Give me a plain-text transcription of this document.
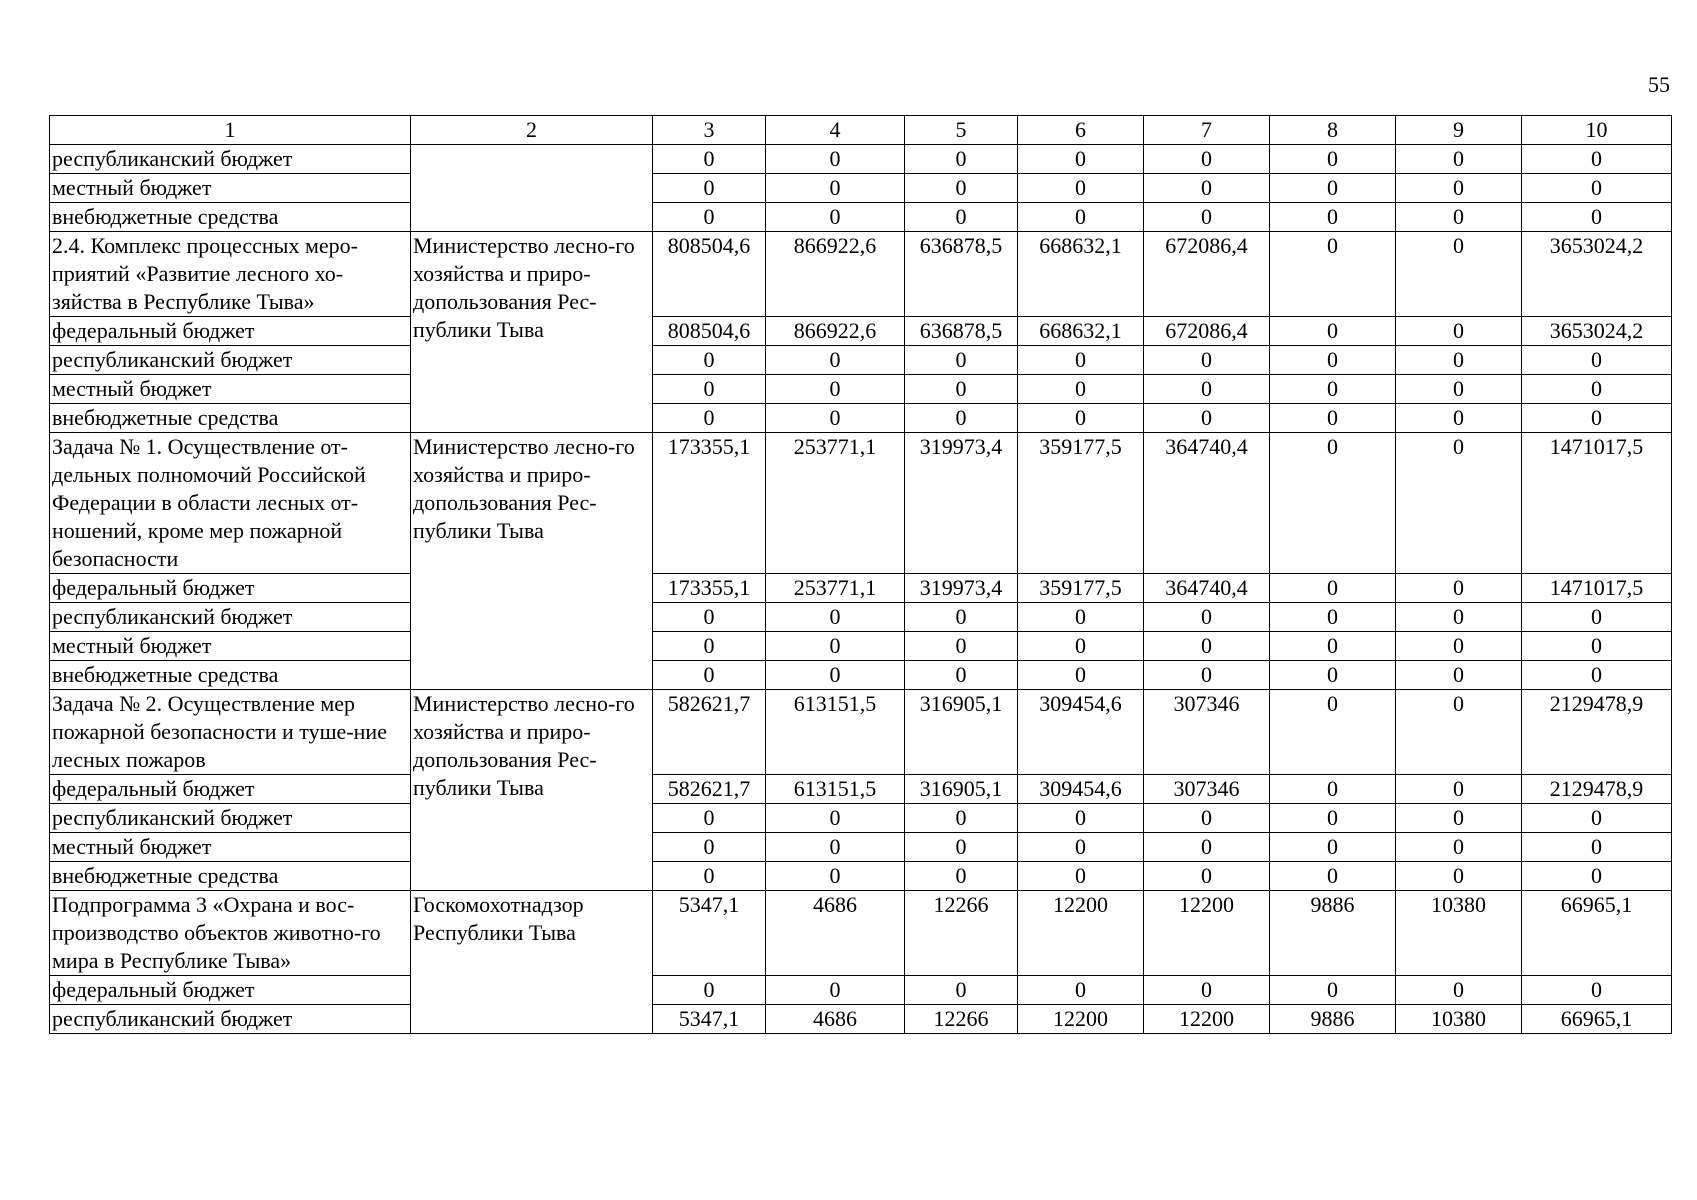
55
1	2	3	4	5	6	7	8	9	10
республиканский бюджет		0	0	0	0	0	0	0	0
местный бюджет		0	0	0	0	0	0	0	0
внебюджетные средства		0	0	0	0	0	0	0	0
2.4. Комплекс процессных меро-приятий «Развитие лесного хо-зяйства в Республике Тыва»	Министерство лесно-го хозяйства и приро-допользования Рес-публики Тыва	808504,6	866922,6	636878,5	668632,1	672086,4	0	0	3653024,2
федеральный бюджет		808504,6	866922,6	636878,5	668632,1	672086,4	0	0	3653024,2
республиканский бюджет		0	0	0	0	0	0	0	0
местный бюджет		0	0	0	0	0	0	0	0
внебюджетные средства		0	0	0	0	0	0	0	0
Задача № 1. Осуществление от-дельных полномочий Российской Федерации в области лесных от-ношений, кроме мер пожарной безопасности	Министерство лесно-го хозяйства и приро-допользования Рес-публики Тыва	173355,1	253771,1	319973,4	359177,5	364740,4	0	0	1471017,5
федеральный бюджет		173355,1	253771,1	319973,4	359177,5	364740,4	0	0	1471017,5
республиканский бюджет		0	0	0	0	0	0	0	0
местный бюджет		0	0	0	0	0	0	0	0
внебюджетные средства		0	0	0	0	0	0	0	0
Задача № 2. Осуществление мер пожарной безопасности и туше-ние лесных пожаров	Министерство лесно-го хозяйства и приро-допользования Рес-публики Тыва	582621,7	613151,5	316905,1	309454,6	307346	0	0	2129478,9
федеральный бюджет		582621,7	613151,5	316905,1	309454,6	307346	0	0	2129478,9
республиканский бюджет		0	0	0	0	0	0	0	0
местный бюджет		0	0	0	0	0	0	0	0
внебюджетные средства		0	0	0	0	0	0	0	0
Подпрограмма 3 «Охрана и вос-производство объектов животно-го мира в Республике Тыва»	Госкомохотнадзор Республики Тыва	5347,1	4686	12266	12200	12200	9886	10380	66965,1
федеральный бюджет		0	0	0	0	0	0	0	0
республиканский бюджет		5347,1	4686	12266	12200	12200	9886	10380	66965,1
